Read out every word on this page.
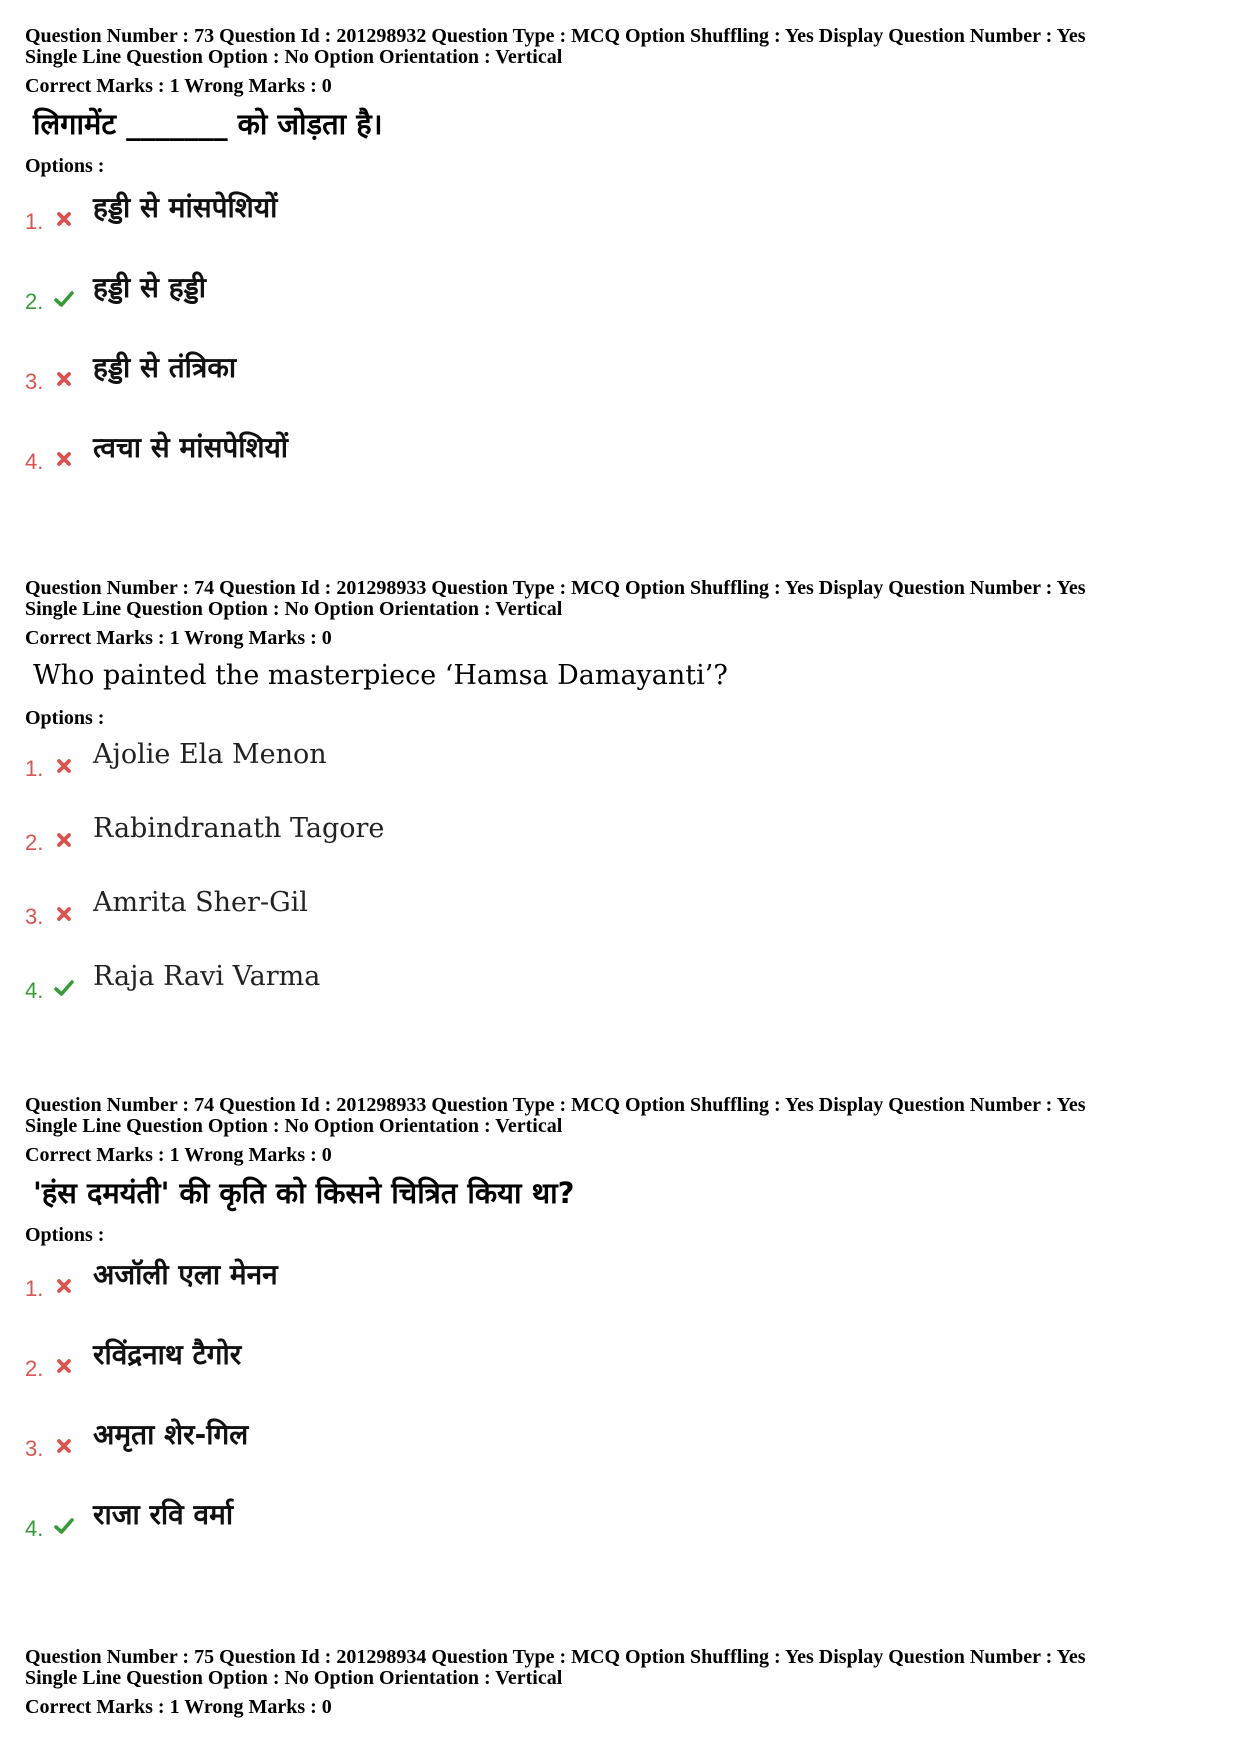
Question Number : 73 Question Id : 201298932 Question Type : MCQ Option Shuffling : Yes Display Question Number : Yes
Single Line Question Option : No Option Orientation : Vertical
Correct Marks : 1 Wrong Marks : 0
लिगामेंट _______ को जोड़ता है।
Options :
1. हड्डी से मांसपेशियों
2. हड्डी से हड्डी
3. हड्डी से तंत्रिका
4. त्वचा से मांसपेशियों
Question Number : 74 Question Id : 201298933 Question Type : MCQ Option Shuffling : Yes Display Question Number : Yes
Single Line Question Option : No Option Orientation : Vertical
Correct Marks : 1 Wrong Marks : 0
Who painted the masterpiece ‘Hamsa Damayanti’?
Options :
1. Ajolie Ela Menon
2. Rabindranath Tagore
3. Amrita Sher-Gil
4. Raja Ravi Varma
Question Number : 74 Question Id : 201298933 Question Type : MCQ Option Shuffling : Yes Display Question Number : Yes
Single Line Question Option : No Option Orientation : Vertical
Correct Marks : 1 Wrong Marks : 0
'हंस दमयंती' की कृति को किसने चित्रित किया था?
Options :
1. अजॉली एला मेनन
2. रविंद्रनाथ टैगोर
3. अमृता शेर-गिल
4. राजा रवि वर्मा
Question Number : 75 Question Id : 201298934 Question Type : MCQ Option Shuffling : Yes Display Question Number : Yes
Single Line Question Option : No Option Orientation : Vertical
Correct Marks : 1 Wrong Marks : 0
